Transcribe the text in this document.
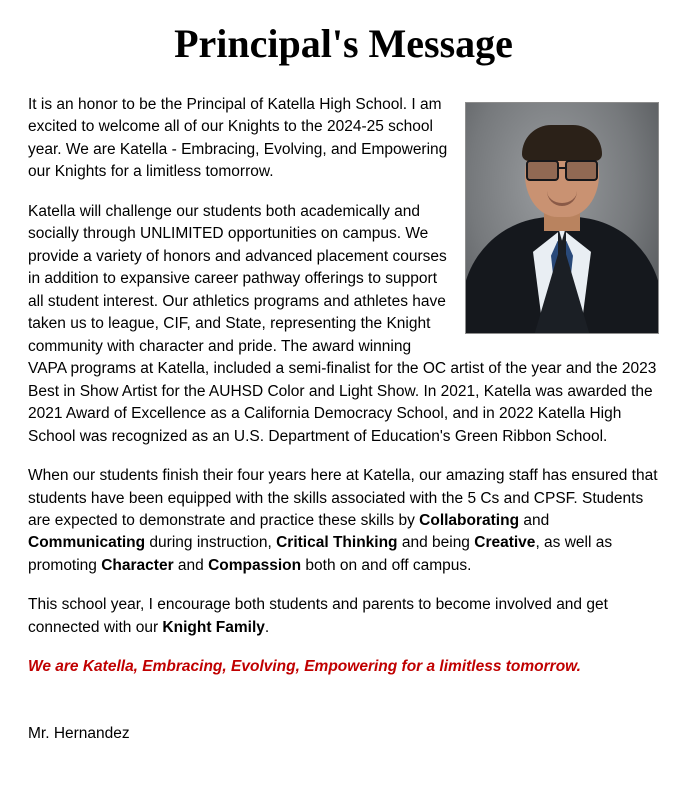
Principal's Message

It is an honor to be the Principal of Katella High School. I am excited to welcome all of our Knights to the 2024-25 school year. We are Katella - Embracing, Evolving, and Empowering our Knights for a limitless tomorrow.

Katella will challenge our students both academically and socially through UNLIMITED opportunities on campus. We provide a variety of honors and advanced placement courses in addition to expansive career pathway offerings to support all student interest. Our athletics programs and athletes have taken us to league, CIF, and State, representing the Knight community with character and pride. The award winning VAPA programs at Katella, included a semi-finalist for the OC artist of the year and the 2023 Best in Show Artist for the AUHSD Color and Light Show. In 2021, Katella was awarded the 2021 Award of Excellence as a California Democracy School, and in 2022 Katella High School was recognized as an U.S. Department of Education's Green Ribbon School.

When our students finish their four years here at Katella, our amazing staff has ensured that students have been equipped with the skills associated with the 5 Cs and CPSF. Students are expected to demonstrate and practice these skills by Collaborating and Communicating during instruction, Critical Thinking and being Creative, as well as promoting Character and Compassion both on and off campus.

This school year, I encourage both students and parents to become involved and get connected with our Knight Family.

We are Katella, Embracing, Evolving, Empowering for a limitless tomorrow.

Mr. Hernandez
